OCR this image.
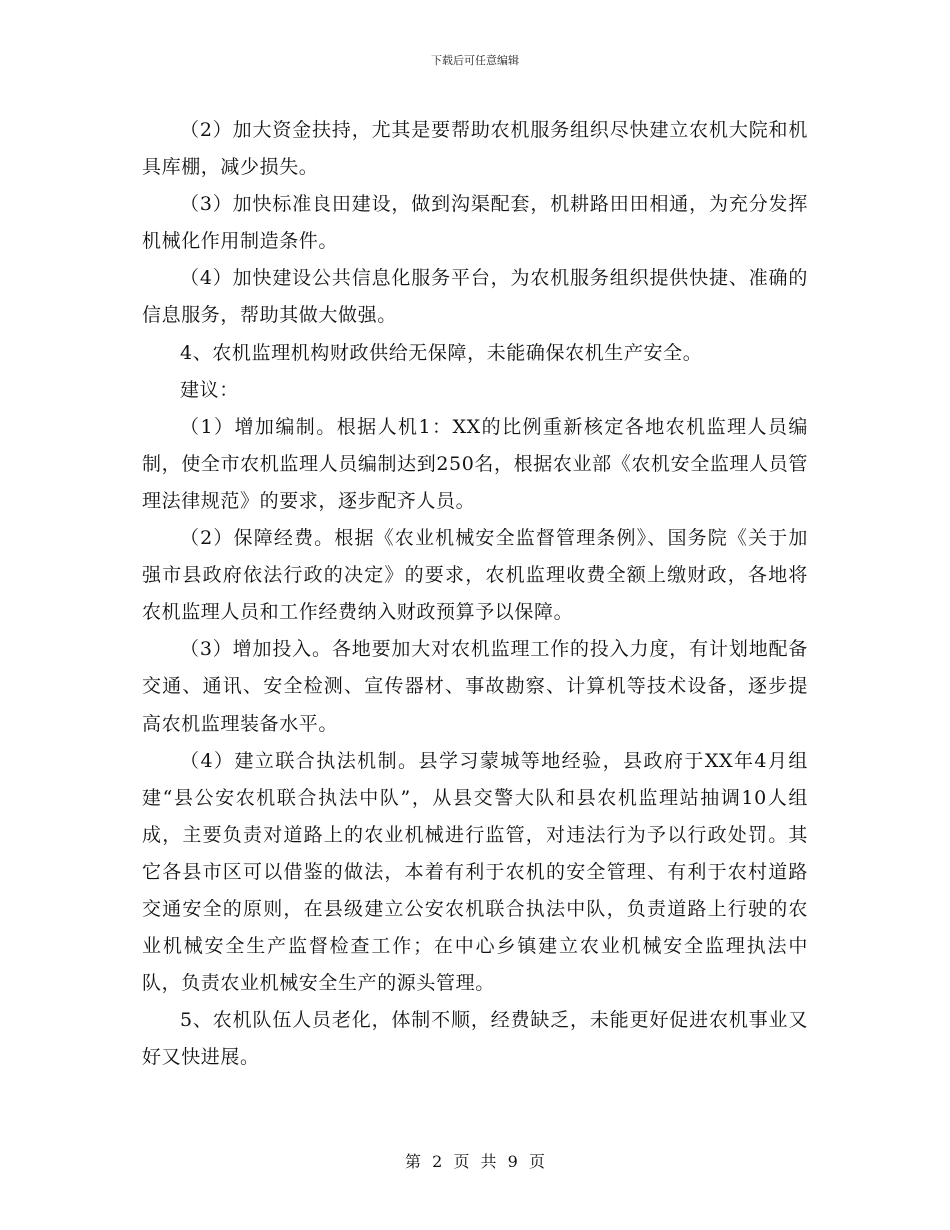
下载后可任意编辑

（2）加大资金扶持，尤其是要帮助农机服务组织尽快建立农机大院和机具库棚，减少损失。

（3）加快标准良田建设，做到沟渠配套，机耕路田田相通，为充分发挥机械化作用制造条件。

（4）加快建设公共信息化服务平台，为农机服务组织提供快捷、准确的信息服务，帮助其做大做强。

4、农机监理机构财政供给无保障，未能确保农机生产安全。

建议：

（1）增加编制。根据人机1：XX的比例重新核定各地农机监理人员编制，使全市农机监理人员编制达到250名，根据农业部《农机安全监理人员管理法律规范》的要求，逐步配齐人员。

（2）保障经费。根据《农业机械安全监督管理条例》、国务院《关于加强市县政府依法行政的决定》的要求，农机监理收费全额上缴财政，各地将农机监理人员和工作经费纳入财政预算予以保障。

（3）增加投入。各地要加大对农机监理工作的投入力度，有计划地配备交通、通讯、安全检测、宣传器材、事故勘察、计算机等技术设备，逐步提高农机监理装备水平。

（4）建立联合执法机制。县学习蒙城等地经验，县政府于XX年4月组建“县公安农机联合执法中队”，从县交警大队和县农机监理站抽调10人组成，主要负责对道路上的农业机械进行监管，对违法行为予以行政处罚。其它各县市区可以借鉴的做法，本着有利于农机的安全管理、有利于农村道路交通安全的原则，在县级建立公安农机联合执法中队，负责道路上行驶的农业机械安全生产监督检查工作；在中心乡镇建立农业机械安全监理执法中队，负责农业机械安全生产的源头管理。

5、农机队伍人员老化，体制不顺，经费缺乏，未能更好促进农机事业又好又快进展。

第 2 页 共 9 页
